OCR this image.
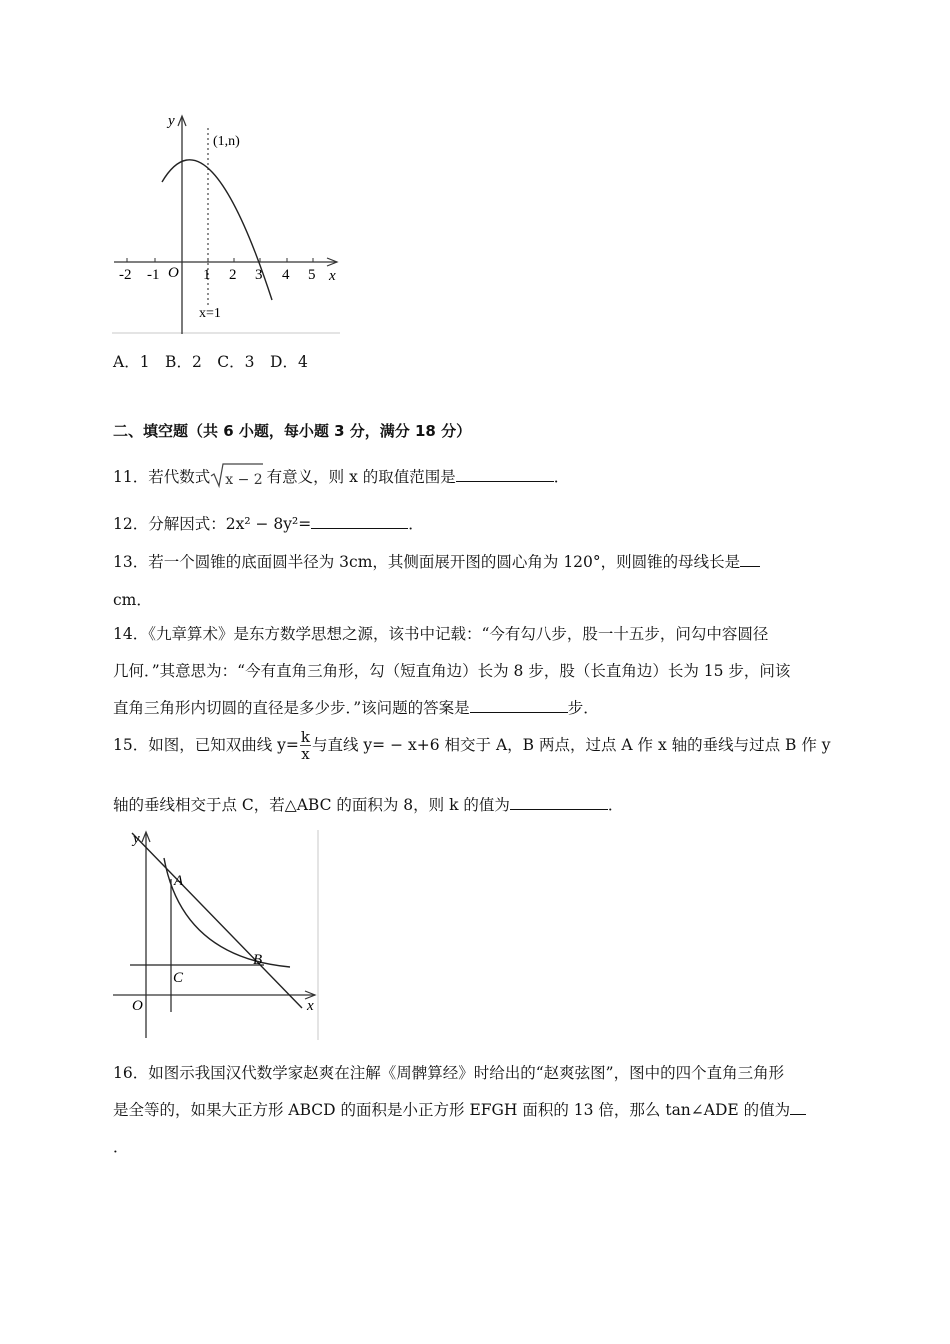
y
x
O
(1,n)
x=1
-2 -1	1 2 3 4 5
A．1　B．2　C．3　D．4
二、填空题（共 6 小题，每小题 3 分，满分 18 分）
11．若代数式 x − 2 有意义，则 x 的取值范围是	．
12．分解因式：2x² − 8y²=	．
13．若一个圆锥的底面圆半径为 3cm，其侧面展开图的圆心角为 120°，则圆锥的母线长是
cm．
14．《九章算术》是东方数学思想之源，该书中记载：“今有勾八步，股一十五步，问勾中容圆径
几何．”其意思为：“今有直角三角形，勾（短直角边）长为 8 步，股（长直角边）长为 15 步，问该
直角三角形内切圆的直径是多少步．”该问题的答案是	步．
15．如图，已知双曲线 $y= \frac{k}{x}$ 与直线 y= − x+6 相交于 A，B 两点，过点 A 作 x 轴的垂线与过点 B 作 y
轴的垂线相交于点 C，若△ABC 的面积为 8，则 k 的值为	．
y
x
O
A
B
C
16．如图示我国汉代数学家赵爽在注解《周髀算经》时给出的“赵爽弦图”，图中的四个直角三角形
是全等的，如果大正方形 ABCD 的面积是小正方形 EFGH 面积的 13 倍，那么 tan∠ADE 的值为
．
